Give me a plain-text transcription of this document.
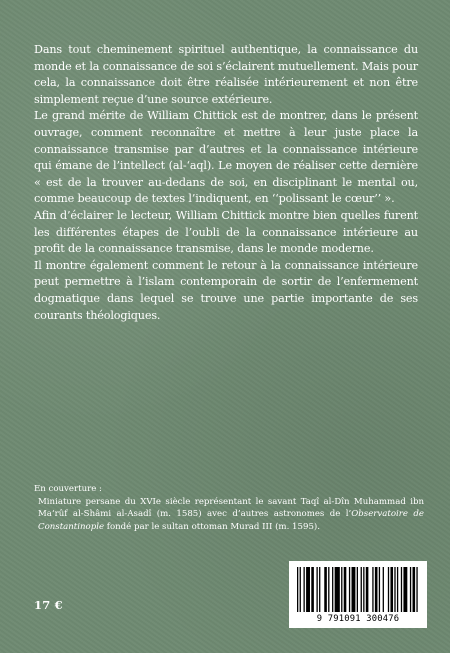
Dans tout cheminement spirituel authentique, la connaissance du monde et la connaissance de soi s’éclairent mutuellement. Mais pour cela, la connaissance doit être réalisée intérieurement et non être simplement reçue d’une source extérieure.

Le grand mérite de William Chittick est de montrer, dans le présent ouvrage, comment reconnaître et mettre à leur juste place la connaissance transmise par d’autres et la connaissance intérieure qui émane de l’intellect (al-‘aql). Le moyen de réaliser cette dernière « est de la trouver au-dedans de soi, en disciplinant le mental ou, comme beaucoup de textes l’indiquent, en ‘‘polissant le cœur’’ ».

Afin d’éclairer le lecteur, William Chittick montre bien quelles furent les différentes étapes de l’oubli de la connaissance intérieure au profit de la connaissance transmise, dans le monde moderne.

Il montre également comment le retour à la connaissance intérieure peut permettre à l’islam contemporain de sortir de l’enfermement dogmatique dans lequel se trouve une partie importante de ses courants théologiques.

En couverture :

Miniature persane du XVIe siècle représentant le savant Taqî al-Dîn Muhammad ibn Ma‘rûf al-Shâmi al-Asadî (m. 1585) avec d’autres astronomes de l’Observatoire de Constantinople fondé par le sultan ottoman Murad III (m. 1595).

17 €
9 791091 300476
